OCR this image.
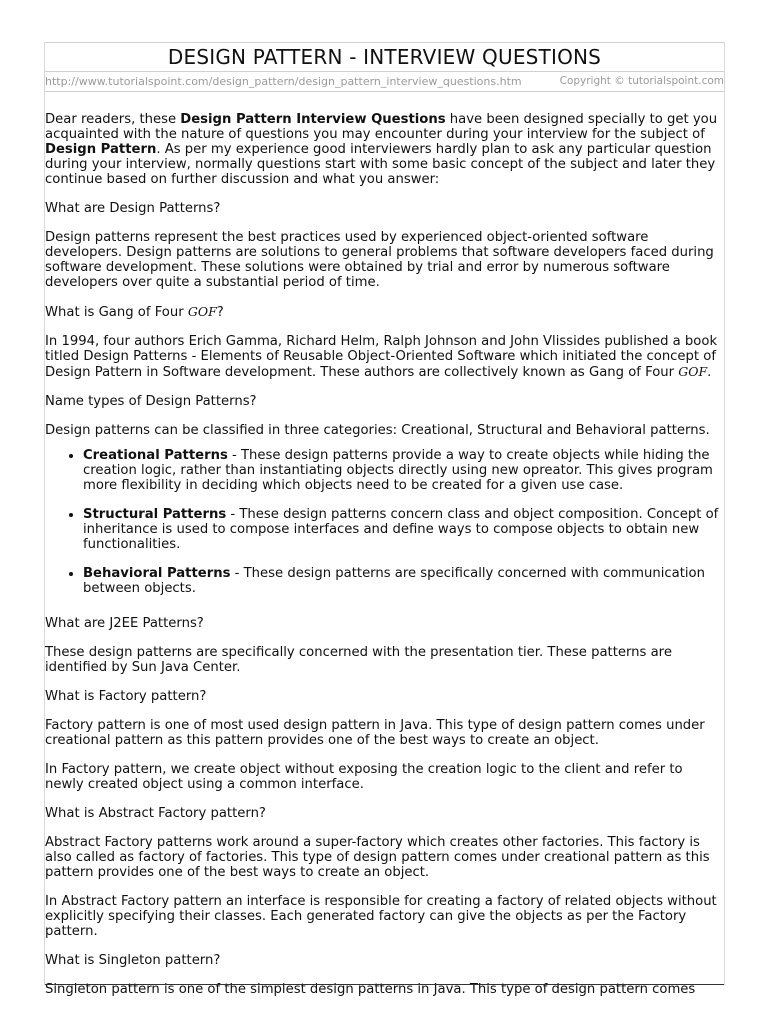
DESIGN PATTERN - INTERVIEW QUESTIONS
http://www.tutorialspoint.com/design_pattern/design_pattern_interview_questions.htm	Copyright © tutorialspoint.com

Dear readers, these Design Pattern Interview Questions have been designed specially to get you acquainted with the nature of questions you may encounter during your interview for the subject of Design Pattern. As per my experience good interviewers hardly plan to ask any particular question during your interview, normally questions start with some basic concept of the subject and later they continue based on further discussion and what you answer:

What are Design Patterns?

Design patterns represent the best practices used by experienced object-oriented software developers. Design patterns are solutions to general problems that software developers faced during software development. These solutions were obtained by trial and error by numerous software developers over quite a substantial period of time.

What is Gang of Four GOF?

In 1994, four authors Erich Gamma, Richard Helm, Ralph Johnson and John Vlissides published a book titled Design Patterns - Elements of Reusable Object-Oriented Software which initiated the concept of Design Pattern in Software development. These authors are collectively known as Gang of Four GOF.

Name types of Design Patterns?

Design patterns can be classified in three categories: Creational, Structural and Behavioral patterns.

• Creational Patterns - These design patterns provide a way to create objects while hiding the creation logic, rather than instantiating objects directly using new opreator. This gives program more flexibility in deciding which objects need to be created for a given use case.
• Structural Patterns - These design patterns concern class and object composition. Concept of inheritance is used to compose interfaces and define ways to compose objects to obtain new functionalities.
• Behavioral Patterns - These design patterns are specifically concerned with communication between objects.

What are J2EE Patterns?

These design patterns are specifically concerned with the presentation tier. These patterns are identified by Sun Java Center.

What is Factory pattern?

Factory pattern is one of most used design pattern in Java. This type of design pattern comes under creational pattern as this pattern provides one of the best ways to create an object.

In Factory pattern, we create object without exposing the creation logic to the client and refer to newly created object using a common interface.

What is Abstract Factory pattern?

Abstract Factory patterns work around a super-factory which creates other factories. This factory is also called as factory of factories. This type of design pattern comes under creational pattern as this pattern provides one of the best ways to create an object.

In Abstract Factory pattern an interface is responsible for creating a factory of related objects without explicitly specifying their classes. Each generated factory can give the objects as per the Factory pattern.

What is Singleton pattern?

Singleton pattern is one of the simplest design patterns in Java. This type of design pattern comes
